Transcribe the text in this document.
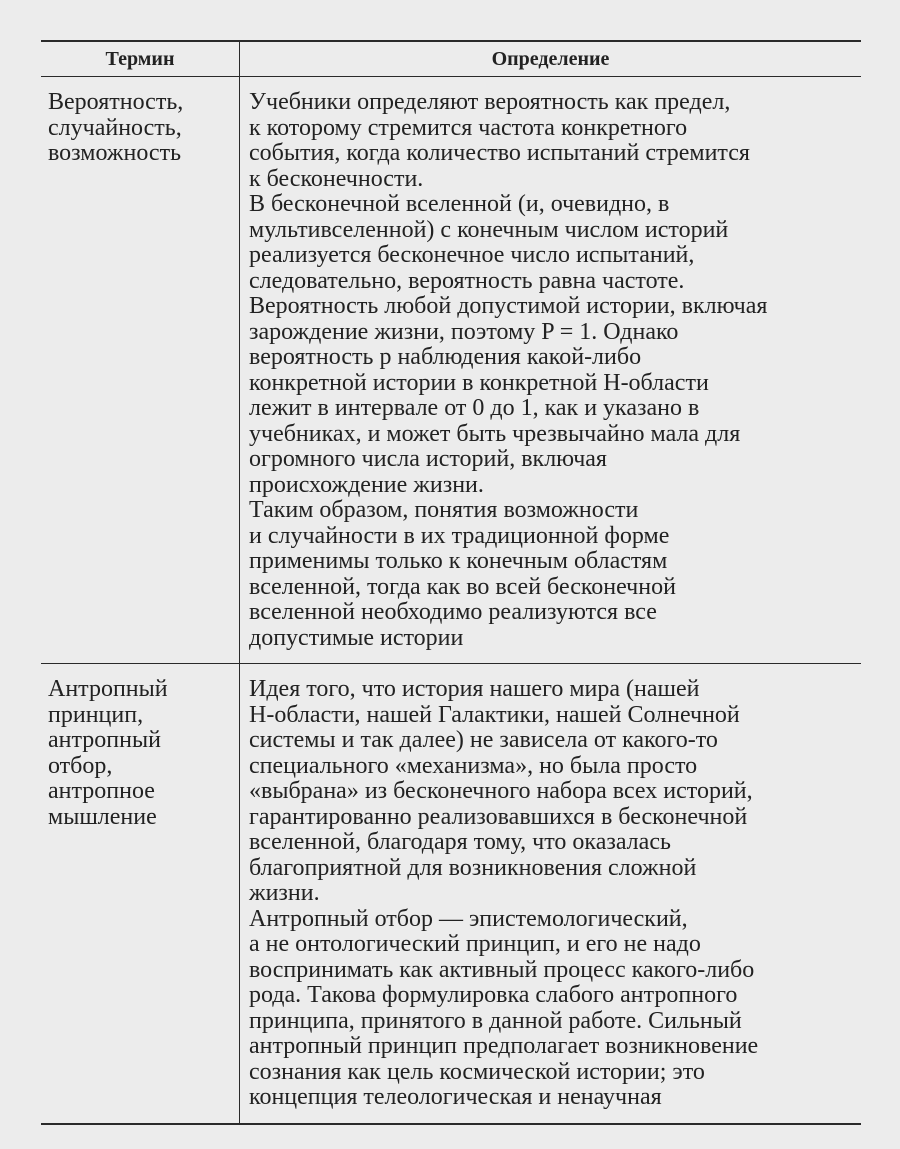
Термин	Определение
Вероятность,
случайность,
возможность
Учебники определяют вероятность как предел,
к которому стремится частота конкретного
события, когда количество испытаний стремится
к бесконечности.
В бесконечной вселенной (и, очевидно, в
мультивселенной) с конечным числом историй
реализуется бесконечное число испытаний,
следовательно, вероятность равна частоте.
Вероятность любой допустимой истории, включая
зарождение жизни, поэтому P = 1. Однако
вероятность p наблюдения какой-либо
конкретной истории в конкретной Н-области
лежит в интервале от 0 до 1, как и указано в
учебниках, и может быть чрезвычайно мала для
огромного числа историй, включая
происхождение жизни.
Таким образом, понятия возможности
и случайности в их традиционной форме
применимы только к конечным областям
вселенной, тогда как во всей бесконечной
вселенной необходимо реализуются все
допустимые истории
Антропный
принцип,
антропный
отбор,
антропное
мышление
Идея того, что история нашего мира (нашей
Н-области, нашей Галактики, нашей Солнечной
системы и так далее) не зависела от какого-то
специального «механизма», но была просто
«выбрана» из бесконечного набора всех историй,
гарантированно реализовавшихся в бесконечной
вселенной, благодаря тому, что оказалась
благоприятной для возникновения сложной
жизни.
Антропный отбор — эпистемологический,
а не онтологический принцип, и его не надо
воспринимать как активный процесс какого-либо
рода. Такова формулировка слабого антропного
принципа, принятого в данной работе. Сильный
антропный принцип предполагает возникновение
сознания как цель космической истории; это
концепция телеологическая и ненаучная
